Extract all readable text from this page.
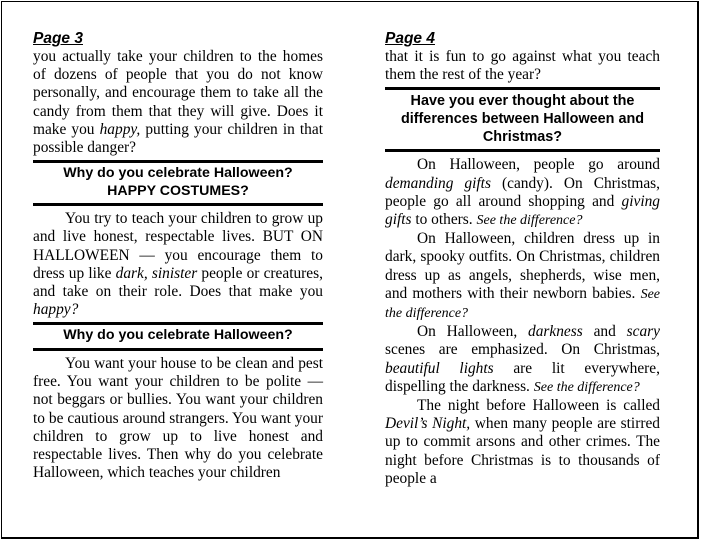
Page 3

you actually take your children to the homes of dozens of people that you do not know personally, and encourage them to take all the candy from them that they will give. Does it make you happy, putting your children in that possible danger?

Why do you celebrate Halloween?
HAPPY COSTUMES?

You try to teach your children to grow up and live honest, respectable lives. BUT ON HALLOWEEN — you encourage them to dress up like dark, sinister people or creatures, and take on their role. Does that make you happy?

Why do you celebrate Halloween?

You want your house to be clean and pest free. You want your children to be polite — not beggars or bullies. You want your children to be cautious around strangers. You want your children to grow up to live honest and respectable lives. Then why do you celebrate Halloween, which teaches your children

Page 4

that it is fun to go against what you teach them the rest of the year?

Have you ever thought about the differences between Halloween and Christmas?

On Halloween, people go around demanding gifts (candy). On Christmas, people go all around shopping and giving gifts to others. See the difference?

On Halloween, children dress up in dark, spooky outfits. On Christmas, children dress up as angels, shepherds, wise men, and mothers with their newborn babies. See the difference?

On Halloween, darkness and scary scenes are emphasized. On Christmas, beautiful lights are lit everywhere, dispelling the darkness. See the difference?

The night before Halloween is called Devil’s Night, when many people are stirred up to commit arsons and other crimes. The night before Christmas is to thousands of people a
